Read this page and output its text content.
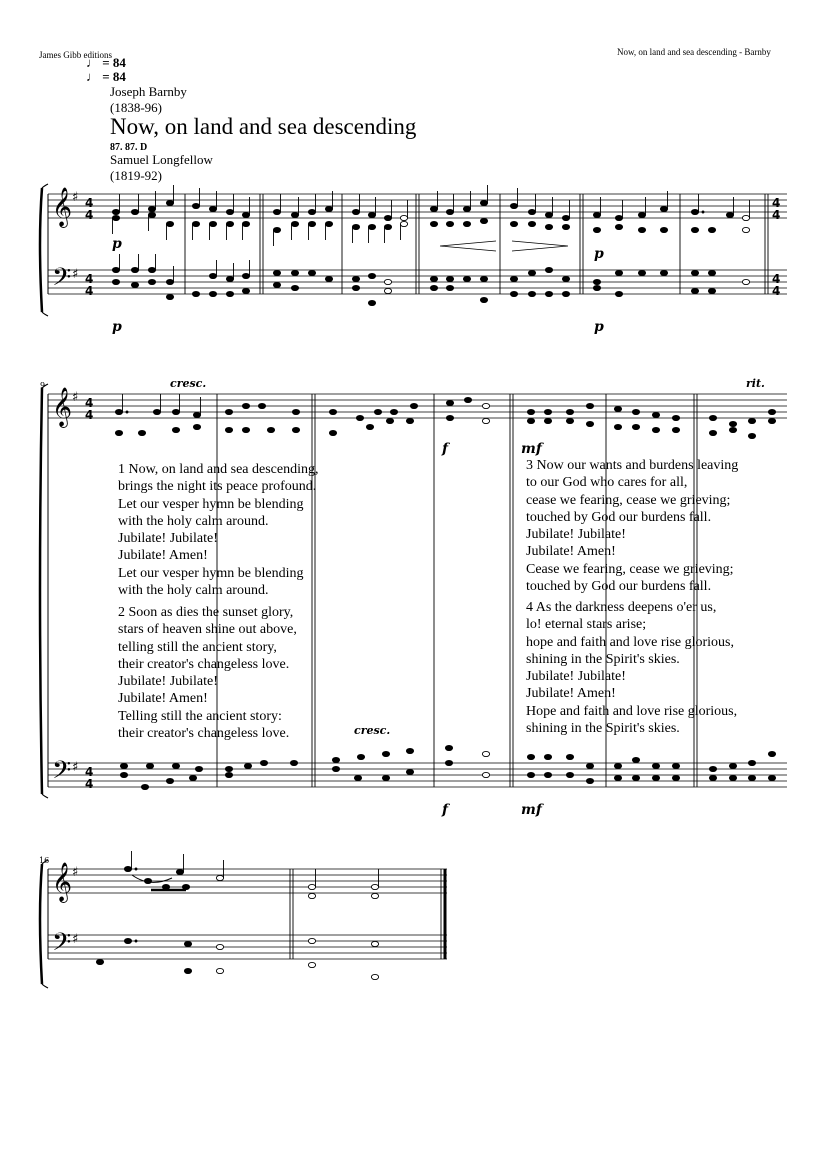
James Gibb editions	Now, on land and sea descending - Barnby
♩ = 84
♩ = 84
Joseph Barnby
(1838-96)
Now, on land and sea descending
87. 87. D
Samuel Longfellow
(1819-92)
𝄞
𝄢
♯
♯
4
4
4
4
4
4
4
4
𝄞
𝄢
♯
♯
4
4
4
4
𝄞
𝄢
♯
♯
p
p
p	p
cresc.	rit.
f	mf
cresc.
f	mf
9
16
1 Now, on land and sea descending,
brings the night its peace profound.
Let our vesper hymn be blending
with the holy calm around.
Jubilate! Jubilate!
Jubilate! Amen!
Let our vesper hymn be blending
with the holy calm around.
2 Soon as dies the sunset glory,
stars of heaven shine out above,
telling still the ancient story,
their creator's changeless love.
Jubilate! Jubilate!
Jubilate! Amen!
Telling still the ancient story:
their creator's changeless love.
3 Now our wants and burdens leaving
to our God who cares for all,
cease we fearing, cease we grieving;
touched by God our burdens fall.
Jubilate! Jubilate!
Jubilate! Amen!
Cease we fearing, cease we grieving;
touched by God our burdens fall.
4 As the darkness deepens o'er us,
lo! eternal stars arise;
hope and faith and love rise glorious,
shining in the Spirit's skies.
Jubilate! Jubilate!
Jubilate! Amen!
Hope and faith and love rise glorious,
shining in the Spirit's skies.
